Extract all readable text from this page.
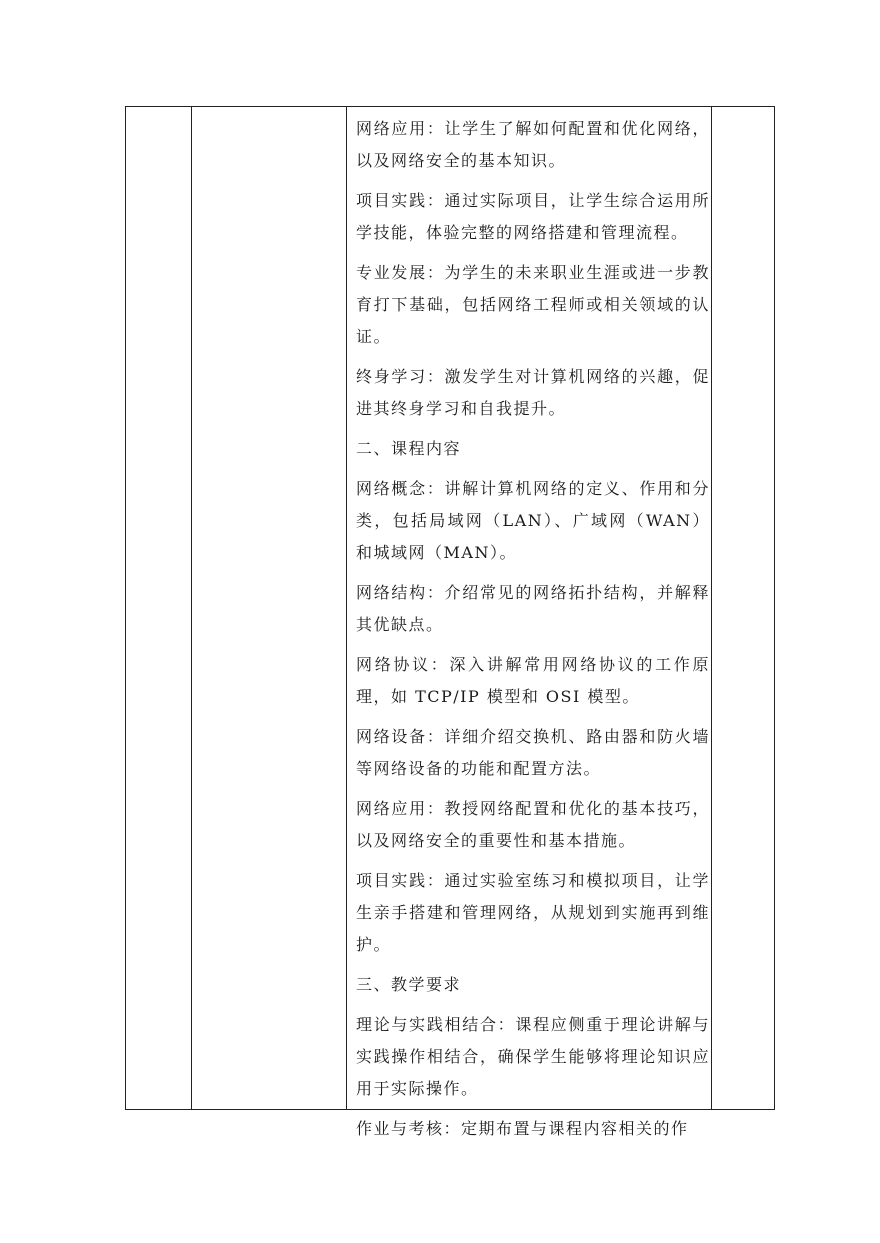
网络应用：让学生了解如何配置和优化网络，以及网络安全的基本知识。

项目实践：通过实际项目，让学生综合运用所学技能，体验完整的网络搭建和管理流程。

专业发展：为学生的未来职业生涯或进一步教育打下基础，包括网络工程师或相关领域的认证。

终身学习：激发学生对计算机网络的兴趣，促进其终身学习和自我提升。

二、课程内容

网络概念：讲解计算机网络的定义、作用和分类，包括局域网（LAN）、广域网（WAN）和城域网（MAN）。

网络结构：介绍常见的网络拓扑结构，并解释其优缺点。

网络协议：深入讲解常用网络协议的工作原理，如 TCP/IP 模型和 OSI 模型。

网络设备：详细介绍交换机、路由器和防火墙等网络设备的功能和配置方法。

网络应用：教授网络配置和优化的基本技巧，以及网络安全的重要性和基本措施。

项目实践：通过实验室练习和模拟项目，让学生亲手搭建和管理网络，从规划到实施再到维护。

三、教学要求

理论与实践相结合：课程应侧重于理论讲解与实践操作相结合，确保学生能够将理论知识应用于实际操作。

作业与考核：定期布置与课程内容相关的作
